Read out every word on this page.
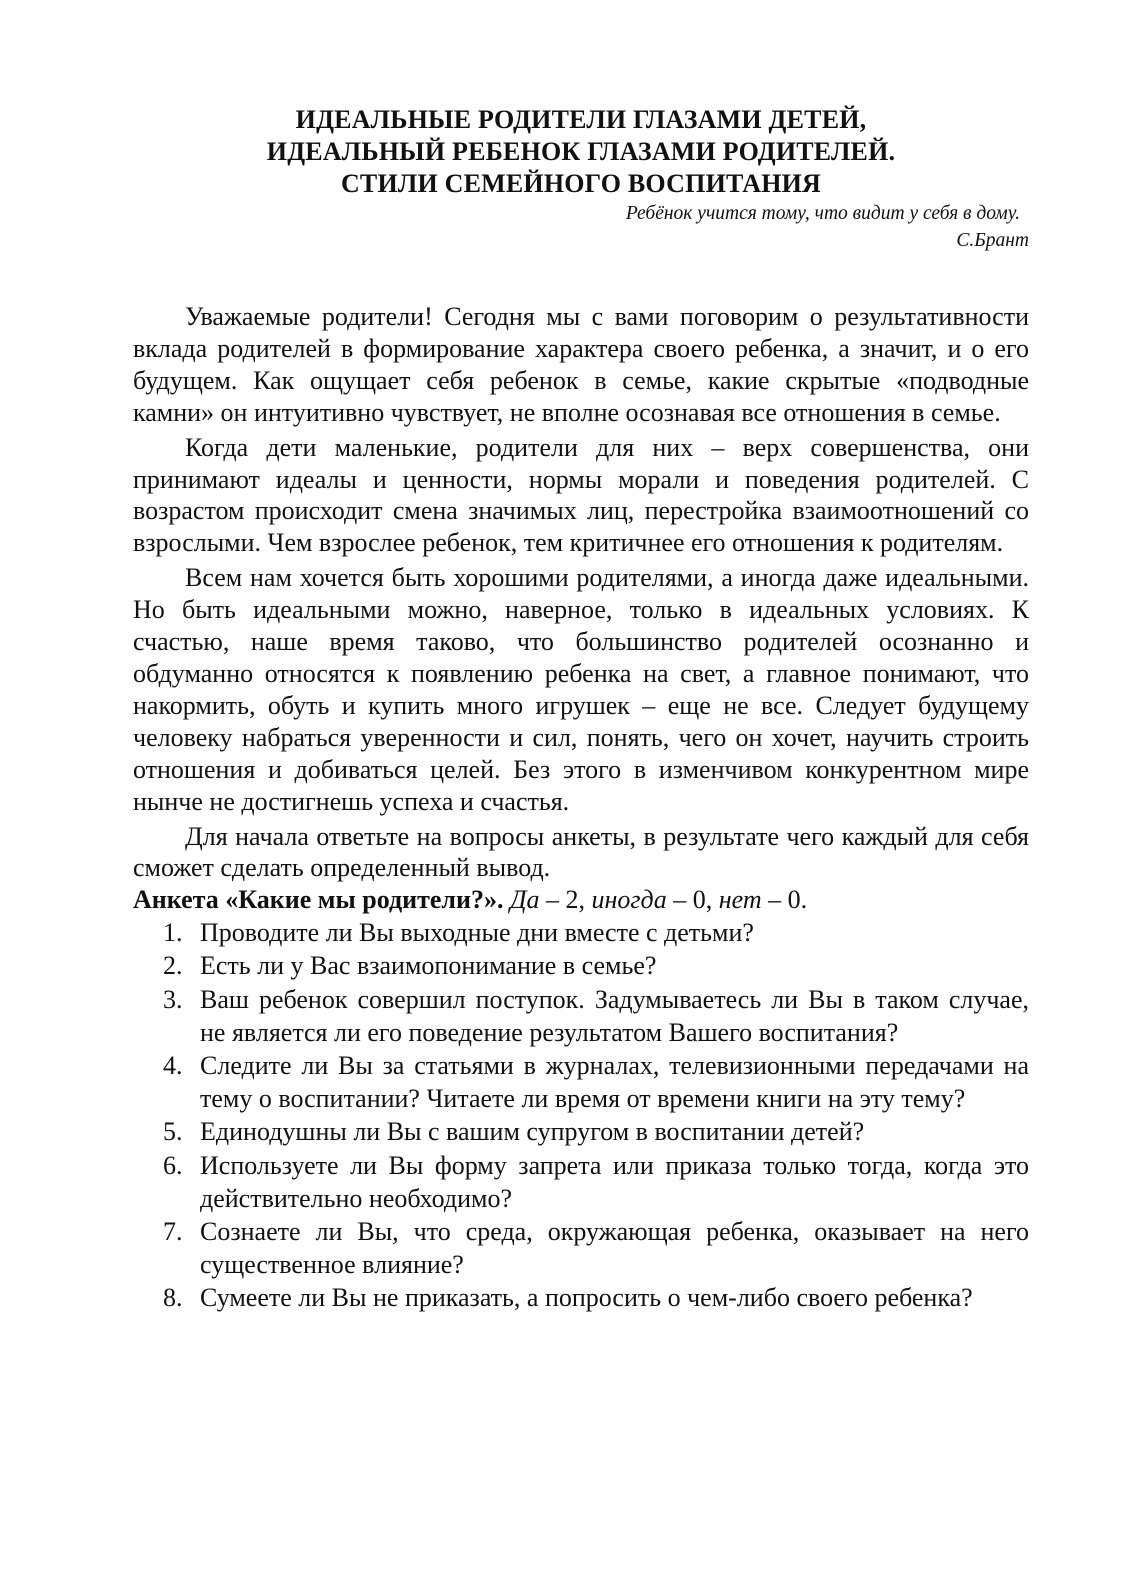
ИДЕАЛЬНЫЕ РОДИТЕЛИ ГЛАЗАМИ ДЕТЕЙ,
ИДЕАЛЬНЫЙ РЕБЕНОК ГЛАЗАМИ РОДИТЕЛЕЙ.
СТИЛИ СЕМЕЙНОГО ВОСПИТАНИЯ
Ребёнок учится тому, что видит у себя в дому.
С.Брант

Уважаемые родители! Сегодня мы с вами поговорим о результативности вклада родителей в формирование характера своего ребенка, а значит, и о его будущем. Как ощущает себя ребенок в семье, какие скрытые «подводные камни» он интуитивно чувствует, не вполне осознавая все отношения в семье.

Когда дети маленькие, родители для них – верх совершенства, они принимают идеалы и ценности, нормы морали и поведения родителей. С возрастом происходит смена значимых лиц, перестройка взаимоотношений со взрослыми. Чем взрослее ребенок, тем критичнее его отношения к родителям.

Всем нам хочется быть хорошими родителями, а иногда даже идеальными. Но быть идеальными можно, наверное, только в идеальных условиях. К счастью, наше время таково, что большинство родителей осознанно и обдуманно относятся к появлению ребенка на свет, а главное понимают, что накормить, обуть и купить много игрушек – еще не все. Следует будущему человеку набраться уверенности и сил, понять, чего он хочет, научить строить отношения и добиваться целей. Без этого в изменчивом конкурентном мире нынче не достигнешь успеха и счастья.

Для начала ответьте на вопросы анкеты, в результате чего каждый для себя сможет сделать определенный вывод.

Анкета «Какие мы родители?». Да – 2, иногда – 0, нет – 0.

1. Проводите ли Вы выходные дни вместе с детьми?
2. Есть ли у Вас взаимопонимание в семье?
3. Ваш ребенок совершил поступок. Задумываетесь ли Вы в таком случае, не является ли его поведение результатом Вашего воспитания?
4. Следите ли Вы за статьями в журналах, телевизионными передачами на тему о воспитании? Читаете ли время от времени книги на эту тему?
5. Единодушны ли Вы с вашим супругом в воспитании детей?
6. Используете ли Вы форму запрета или приказа только тогда, когда это действительно необходимо?
7. Сознаете ли Вы, что среда, окружающая ребенка, оказывает на него существенное влияние?
8. Сумеете ли Вы не приказать, а попросить о чем-либо своего ребенка?
